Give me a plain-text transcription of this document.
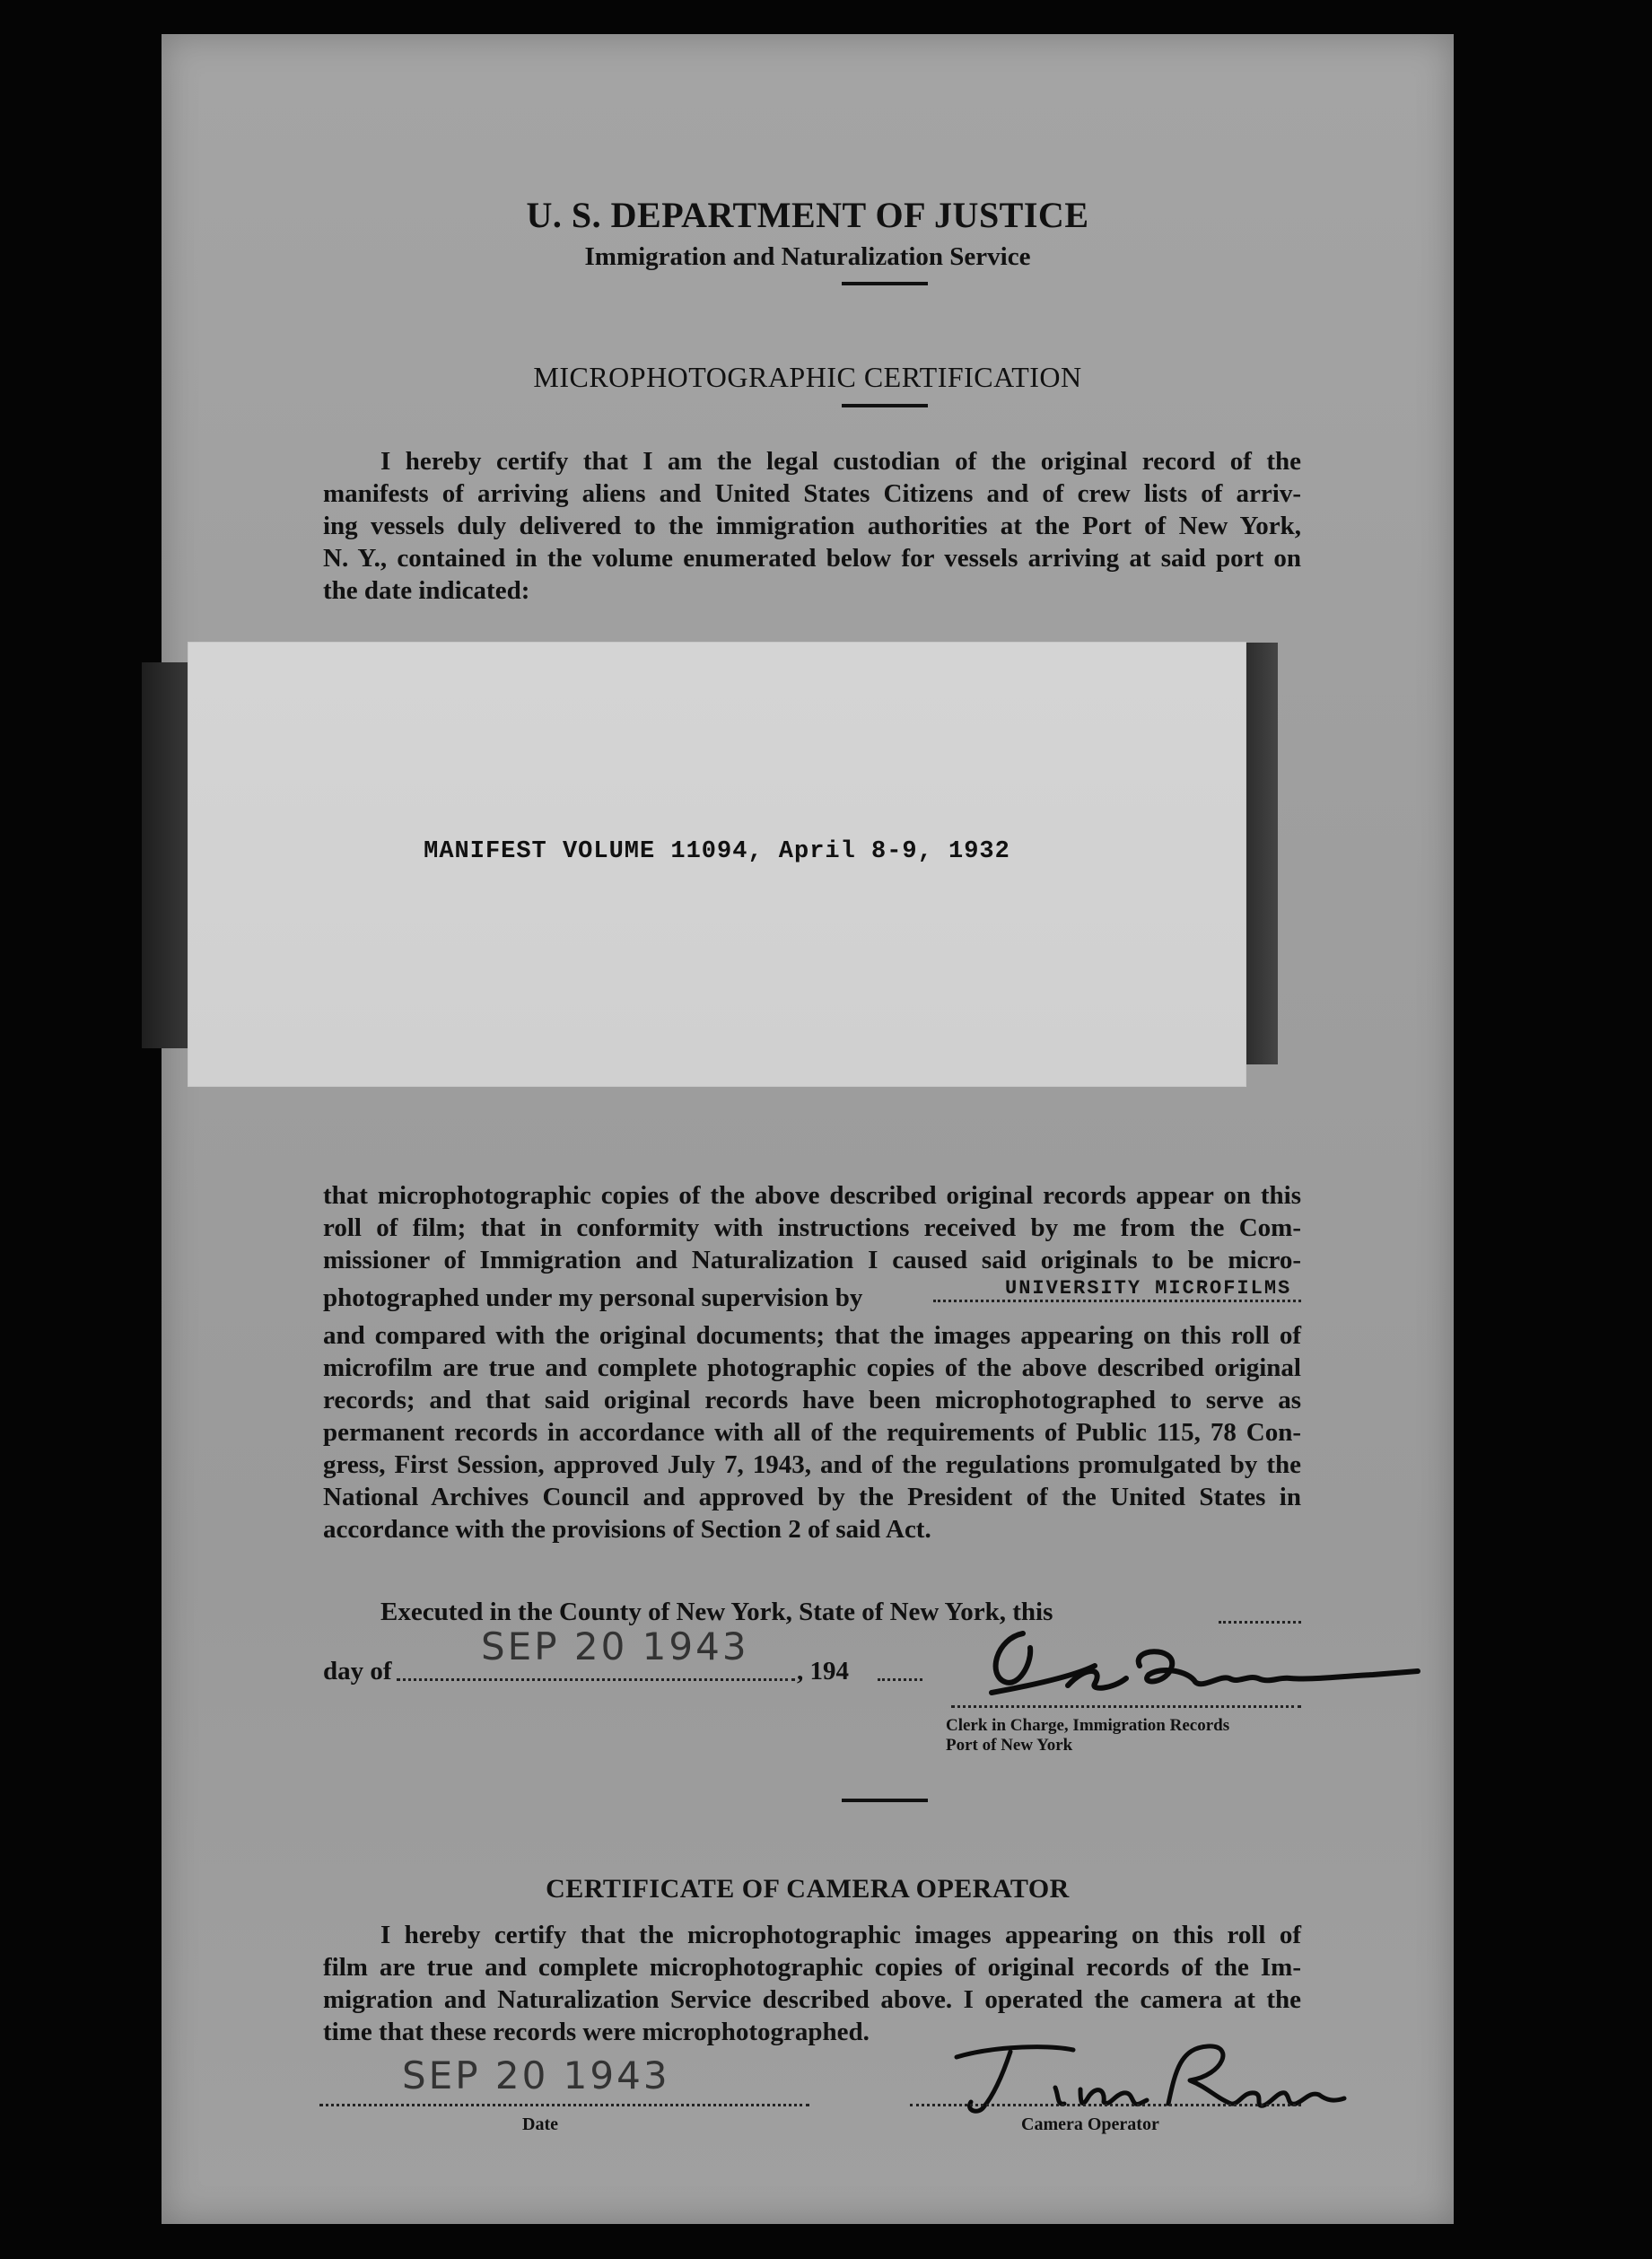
U. S. DEPARTMENT OF JUSTICE
Immigration and Naturalization Service
MICROPHOTOGRAPHIC CERTIFICATION
I hereby certify that I am the legal custodian of the original record of the
manifests of arriving aliens and United States Citizens and of crew lists of arriv-
ing vessels duly delivered to the immigration authorities at the Port of New York,
N. Y., contained in the volume enumerated below for vessels arriving at said port on
the date indicated:
MANIFEST VOLUME 11094, April 8-9, 1932
that microphotographic copies of the above described original records appear on this
roll of film; that in conformity with instructions received by me from the Com-
missioner of Immigration and Naturalization I caused said originals to be micro-
photographed under my personal supervision by	UNIVERSITY MICROFILMS
and compared with the original documents; that the images appearing on this roll of
microfilm are true and complete photographic copies of the above described original
records; and that said original records have been microphotographed to serve as
permanent records in accordance with all of the requirements of Public 115, 78 Con-
gress, First Session, approved July 7, 1943, and of the regulations promulgated by the
National Archives Council and approved by the President of the United States in
accordance with the provisions of Section 2 of said Act.
Executed in the County of New York, State of New York, this
day of
SEP 20 1943
, 194
Clerk in Charge, Immigration Records
Port of New York
CERTIFICATE OF CAMERA OPERATOR
I hereby certify that the microphotographic images appearing on this roll of
film are true and complete microphotographic copies of original records of the Im-
migration and Naturalization Service described above. I operated the camera at the
time that these records were microphotographed.
SEP 20 1943
Date	Camera Operator
